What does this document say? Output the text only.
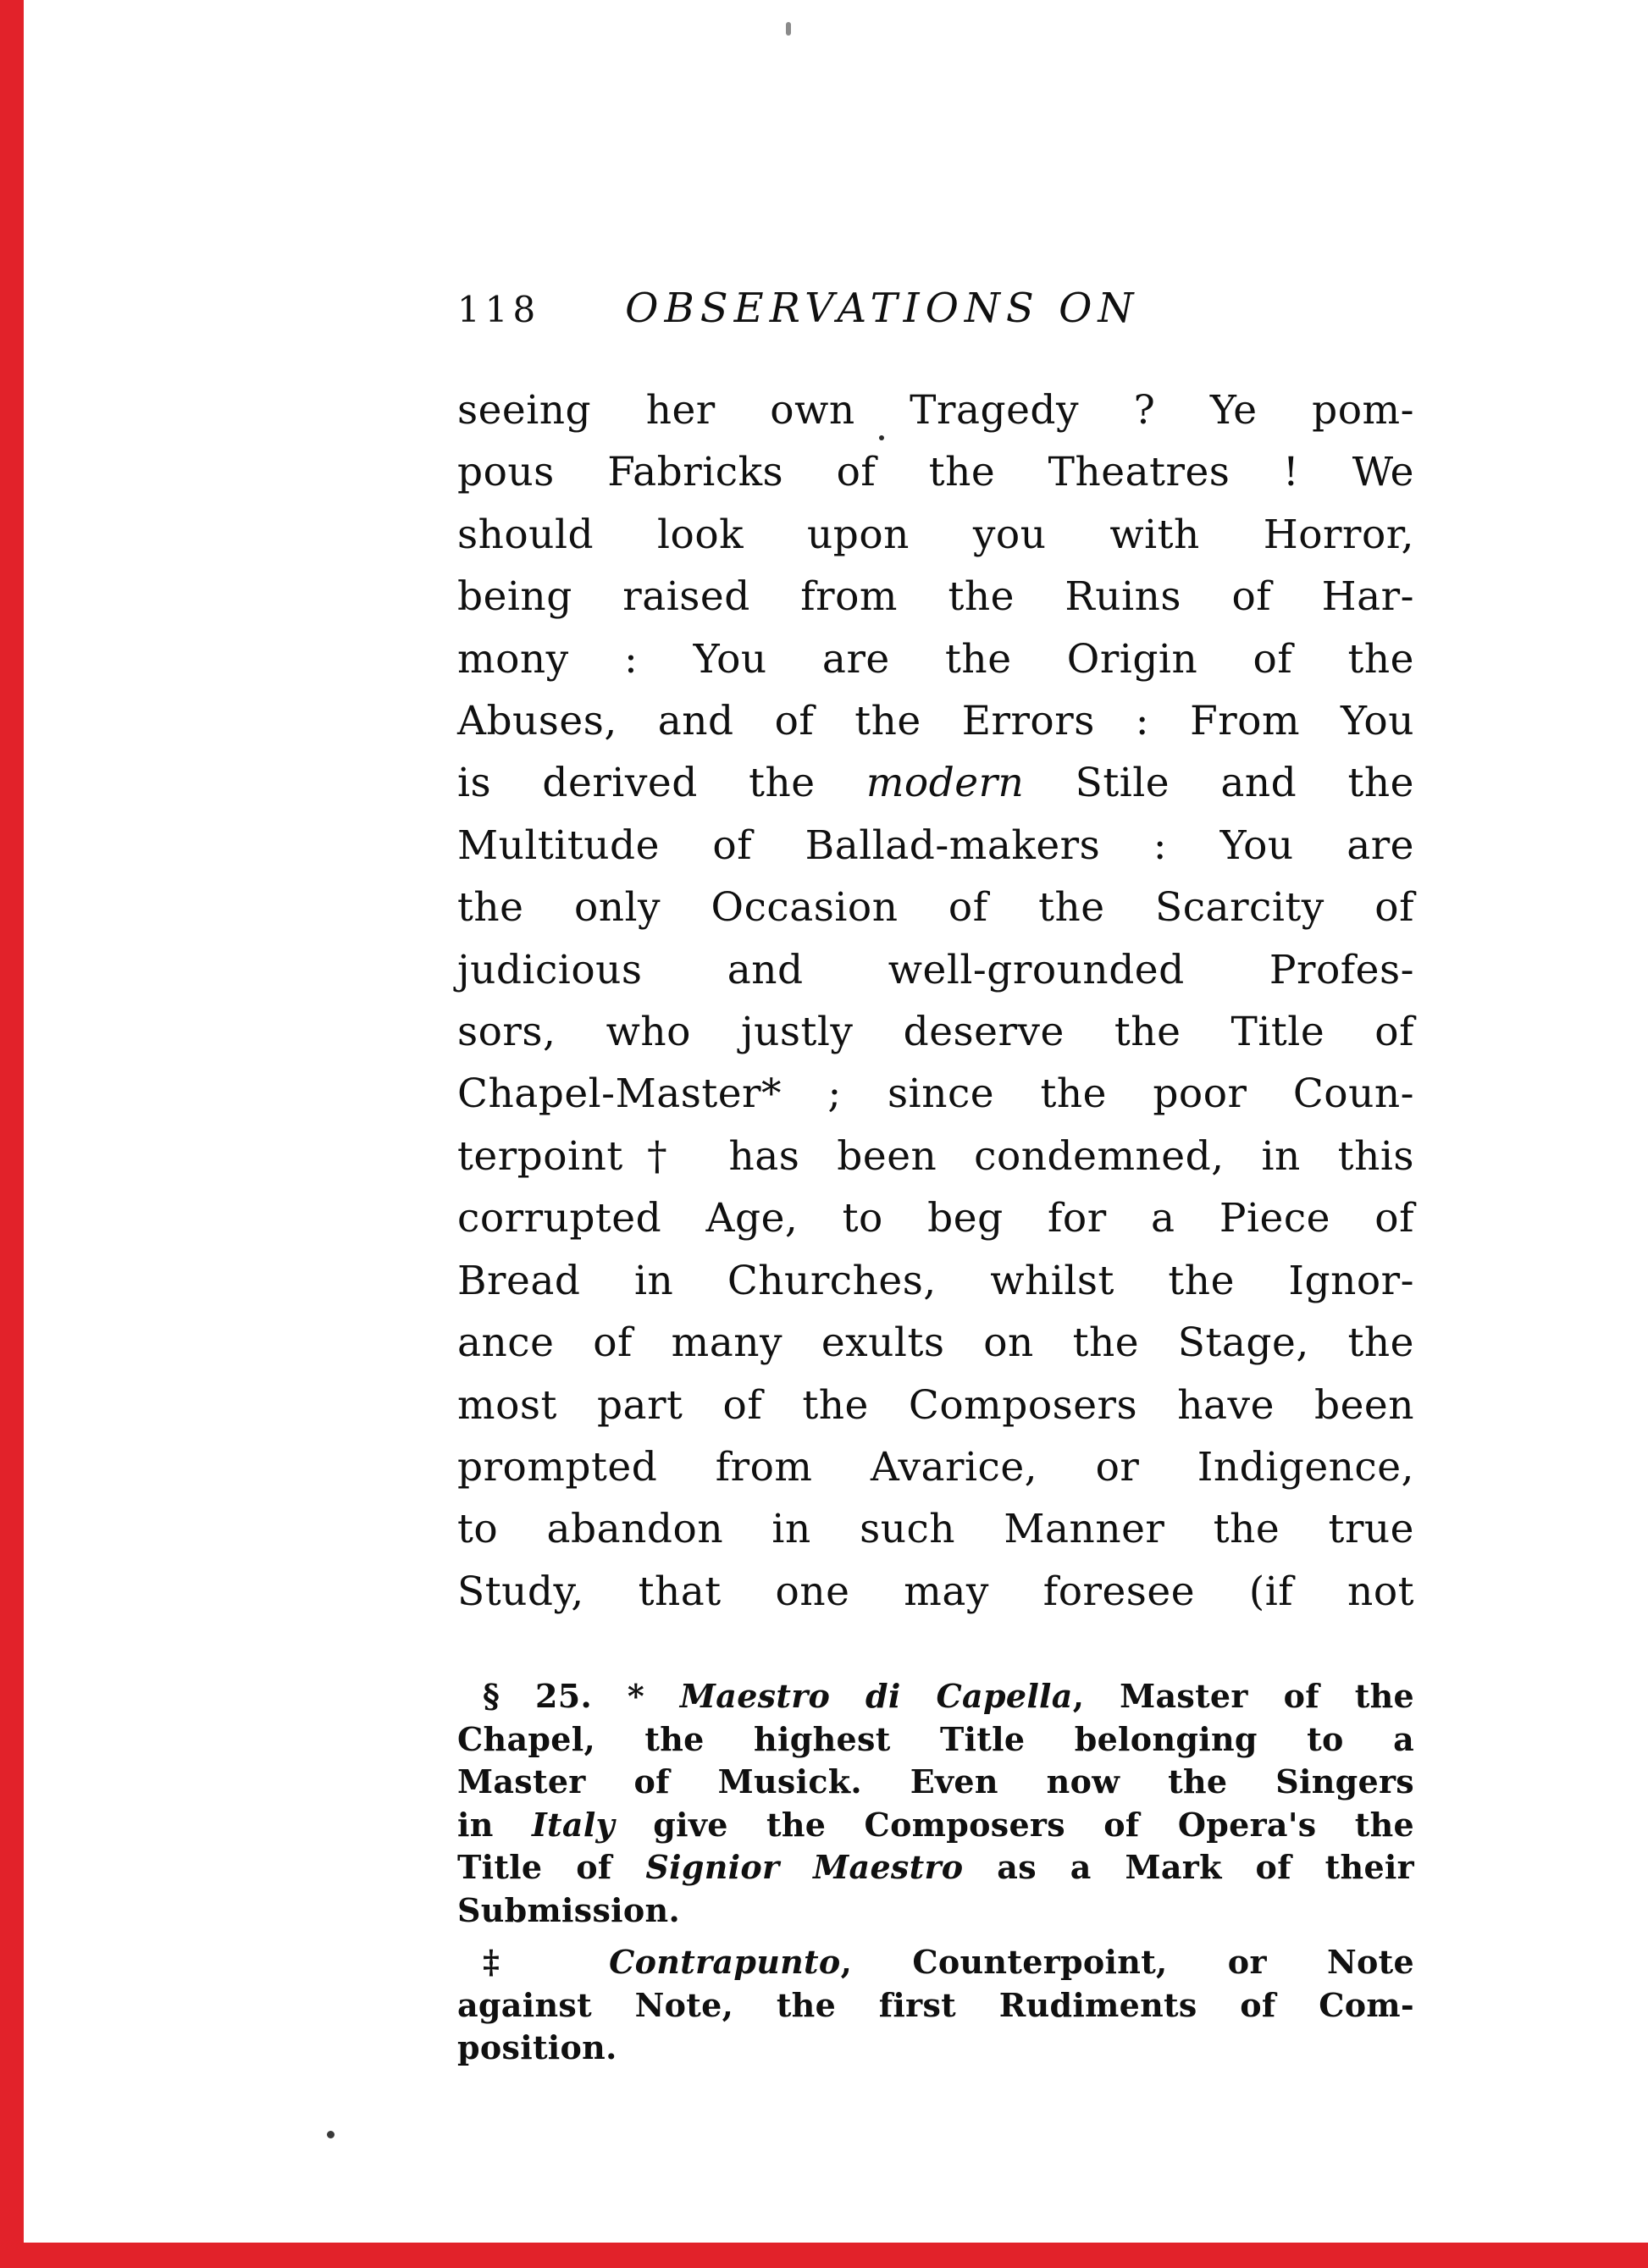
118 OBSERVATIONS ON
seeing her own Tragedy ? Ye pom-
pous Fabricks of the Theatres ! We
should look upon you with Horror,
being raised from the Ruins of Har-
mony : You are the Origin of the
Abuses, and of the Errors : From You
is derived the modern Stile and the
Multitude of Ballad-makers : You are
the only Occasion of the Scarcity of
judicious and well-grounded Profes-
sors, who justly deserve the Title of
Chapel-Master* ; since the poor Coun-
terpoint† has been condemned, in this
corrupted Age, to beg for a Piece of
Bread in Churches, whilst the Ignor-
ance of many exults on the Stage, the
most part of the Composers have been
prompted from Avarice, or Indigence,
to abandon in such Manner the true
Study, that one may foresee (if not
§ 25. * Maestro di Capella, Master of the
Chapel, the highest Title belonging to a
Master of Musick. Even now the Singers
in Italy give the Composers of Opera's the
Title of Signior Maestro as a Mark of their
Submission.
‡ Contrapunto, Counterpoint, or Note
against Note, the first Rudiments of Com-
position.
